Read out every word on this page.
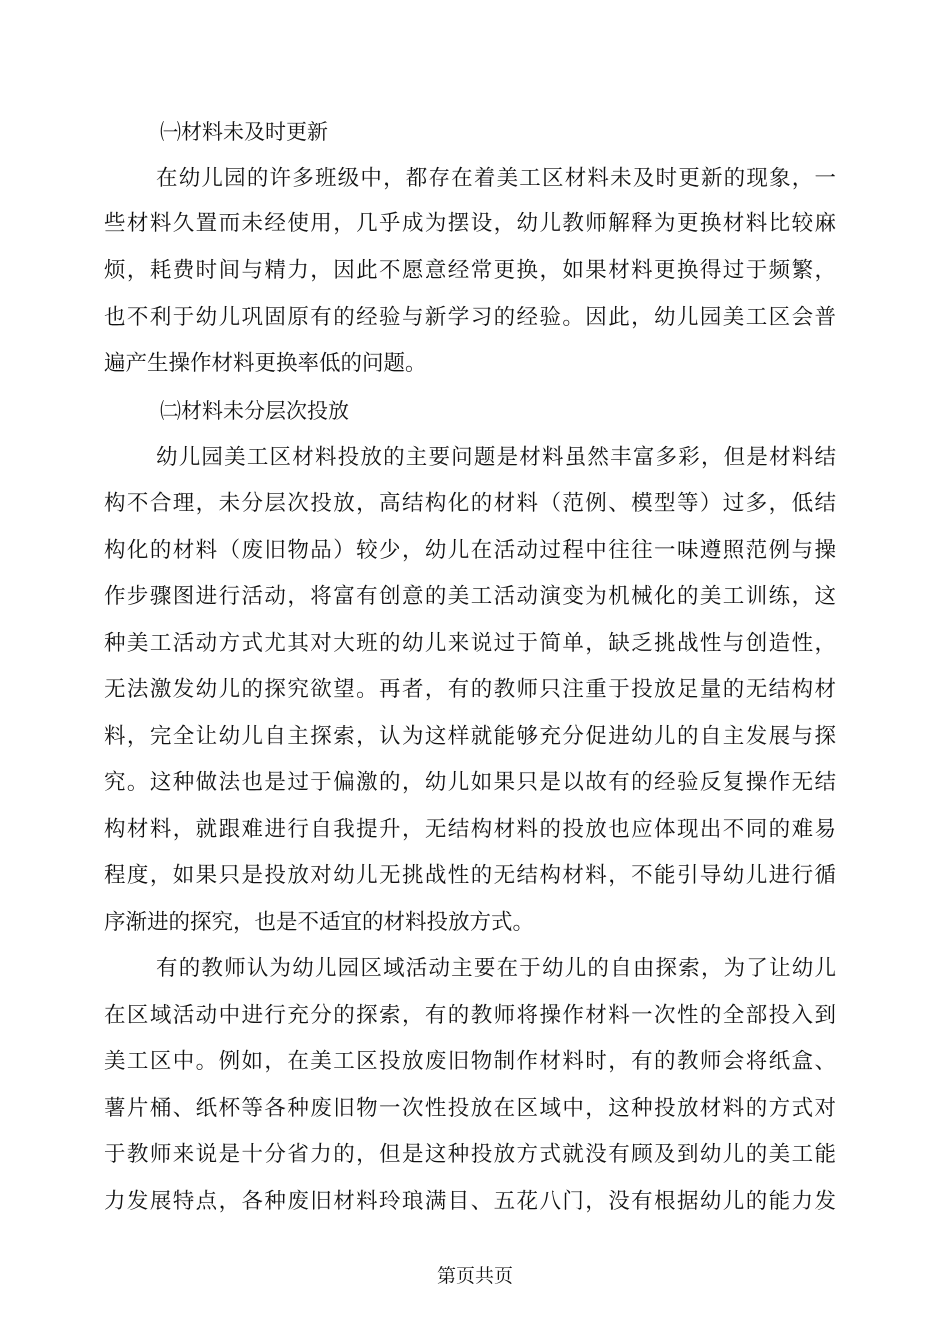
㈠材料未及时更新
在幼儿园的许多班级中，都存在着美工区材料未及时更新的现象，一
些材料久置而未经使用，几乎成为摆设，幼儿教师解释为更换材料比较麻
烦，耗费时间与精力，因此不愿意经常更换，如果材料更换得过于频繁，
也不利于幼儿巩固原有的经验与新学习的经验。因此，幼儿园美工区会普
遍产生操作材料更换率低的问题。
㈡材料未分层次投放
幼儿园美工区材料投放的主要问题是材料虽然丰富多彩，但是材料结
构不合理，未分层次投放，高结构化的材料（范例、模型等）过多，低结
构化的材料（废旧物品）较少，幼儿在活动过程中往往一味遵照范例与操
作步骤图进行活动，将富有创意的美工活动演变为机械化的美工训练，这
种美工活动方式尤其对大班的幼儿来说过于简单，缺乏挑战性与创造性，
无法激发幼儿的探究欲望。再者，有的教师只注重于投放足量的无结构材
料，完全让幼儿自主探索，认为这样就能够充分促进幼儿的自主发展与探
究。这种做法也是过于偏激的，幼儿如果只是以故有的经验反复操作无结
构材料，就跟难进行自我提升，无结构材料的投放也应体现出不同的难易
程度，如果只是投放对幼儿无挑战性的无结构材料，不能引导幼儿进行循
序渐进的探究，也是不适宜的材料投放方式。
有的教师认为幼儿园区域活动主要在于幼儿的自由探索，为了让幼儿
在区域活动中进行充分的探索，有的教师将操作材料一次性的全部投入到
美工区中。例如，在美工区投放废旧物制作材料时，有的教师会将纸盒、
薯片桶、纸杯等各种废旧物一次性投放在区域中，这种投放材料的方式对
于教师来说是十分省力的，但是这种投放方式就没有顾及到幼儿的美工能
力发展特点，各种废旧材料玲琅满目、五花八门，没有根据幼儿的能力发
第页共页
